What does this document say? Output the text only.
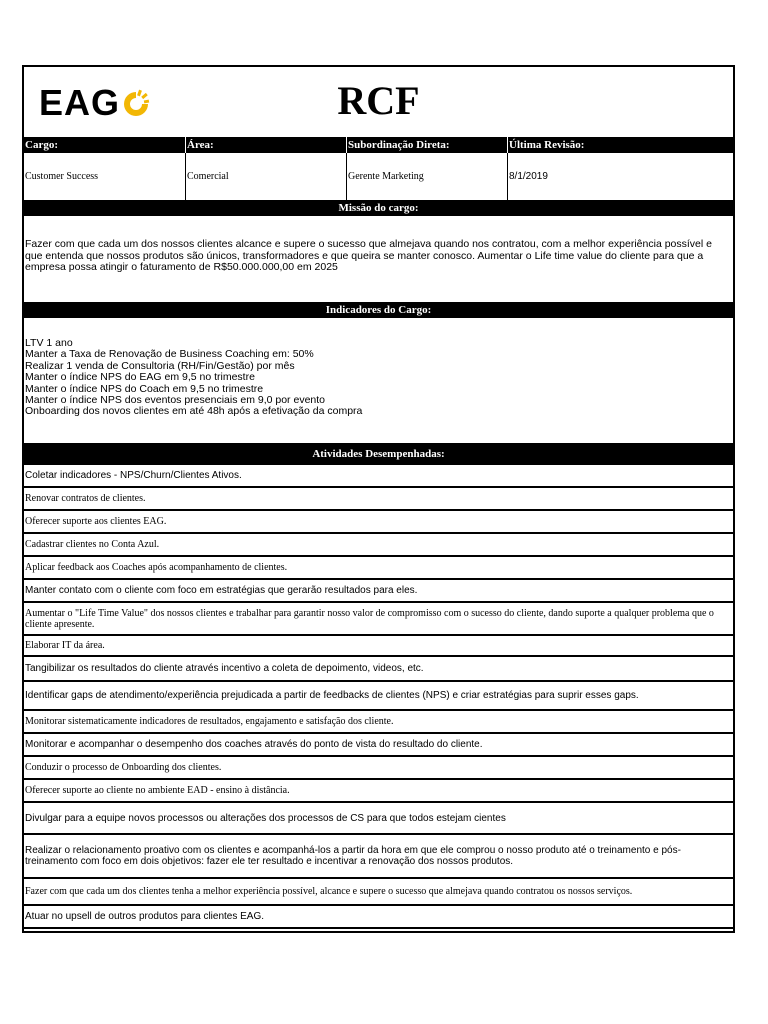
EAG	RCF
Cargo:	Área:	Subordinação Direta:	Última Revisão:
Customer Success	Comercial	Gerente Marketing	8/1/2019
Missão do cargo:
Fazer com que cada um dos nossos clientes alcance e supere o sucesso que almejava quando nos contratou, com a melhor experiência possível e que entenda que nossos produtos são únicos, transformadores e que queira se manter conosco. Aumentar o Life time value do cliente para que a empresa possa atingir o faturamento de R$50.000.000,00 em 2025
Indicadores do Cargo:
LTV 1 ano
Manter a Taxa de Renovação de Business Coaching em: 50%
Realizar 1 venda de Consultoria (RH/Fin/Gestão) por mês
Manter o índice NPS do EAG em 9,5 no trimestre
Manter o índice NPS do Coach em 9,5 no trimestre
Manter o índice NPS dos eventos presenciais em 9,0 por evento
Onboarding dos novos clientes em até 48h após a efetivação da compra
Atividades Desempenhadas:
Coletar indicadores - NPS/Churn/Clientes Ativos.
Renovar contratos de clientes.
Oferecer suporte aos clientes EAG.
Cadastrar clientes no Conta Azul.
Aplicar feedback aos Coaches após acompanhamento de clientes.
Manter contato com o cliente com foco em estratégias que gerarão resultados para eles.
Aumentar o "Life Time Value" dos nossos clientes e trabalhar para garantir nosso valor de compromisso com o sucesso do cliente, dando suporte a qualquer problema que o cliente apresente.
Elaborar IT da área.
Tangibilizar os resultados do cliente através incentivo a coleta de depoimento, videos, etc.
Identificar gaps de atendimento/experiência prejudicada a partir de feedbacks de clientes (NPS) e criar estratégias para suprir esses gaps.
Monitorar sistematicamente indicadores de resultados, engajamento e satisfação dos cliente.
Monitorar e acompanhar o desempenho dos coaches através do ponto de vista do resultado do cliente.
Conduzir o processo de Onboarding dos clientes.
Oferecer suporte ao cliente no ambiente EAD - ensino à distância.
Divulgar para a equipe novos processos ou alterações dos processos de CS para que todos estejam cientes
Realizar o relacionamento proativo com os clientes e acompanhá-los a partir da hora em que ele comprou o nosso produto até o treinamento e pós-treinamento com foco em dois objetivos: fazer ele ter resultado e incentivar a renovação dos nossos produtos.
Fazer com que cada um dos clientes tenha a melhor experiência possível, alcance e supere o sucesso que almejava quando contratou os nossos serviços.
Atuar no upsell de outros produtos para clientes EAG.
